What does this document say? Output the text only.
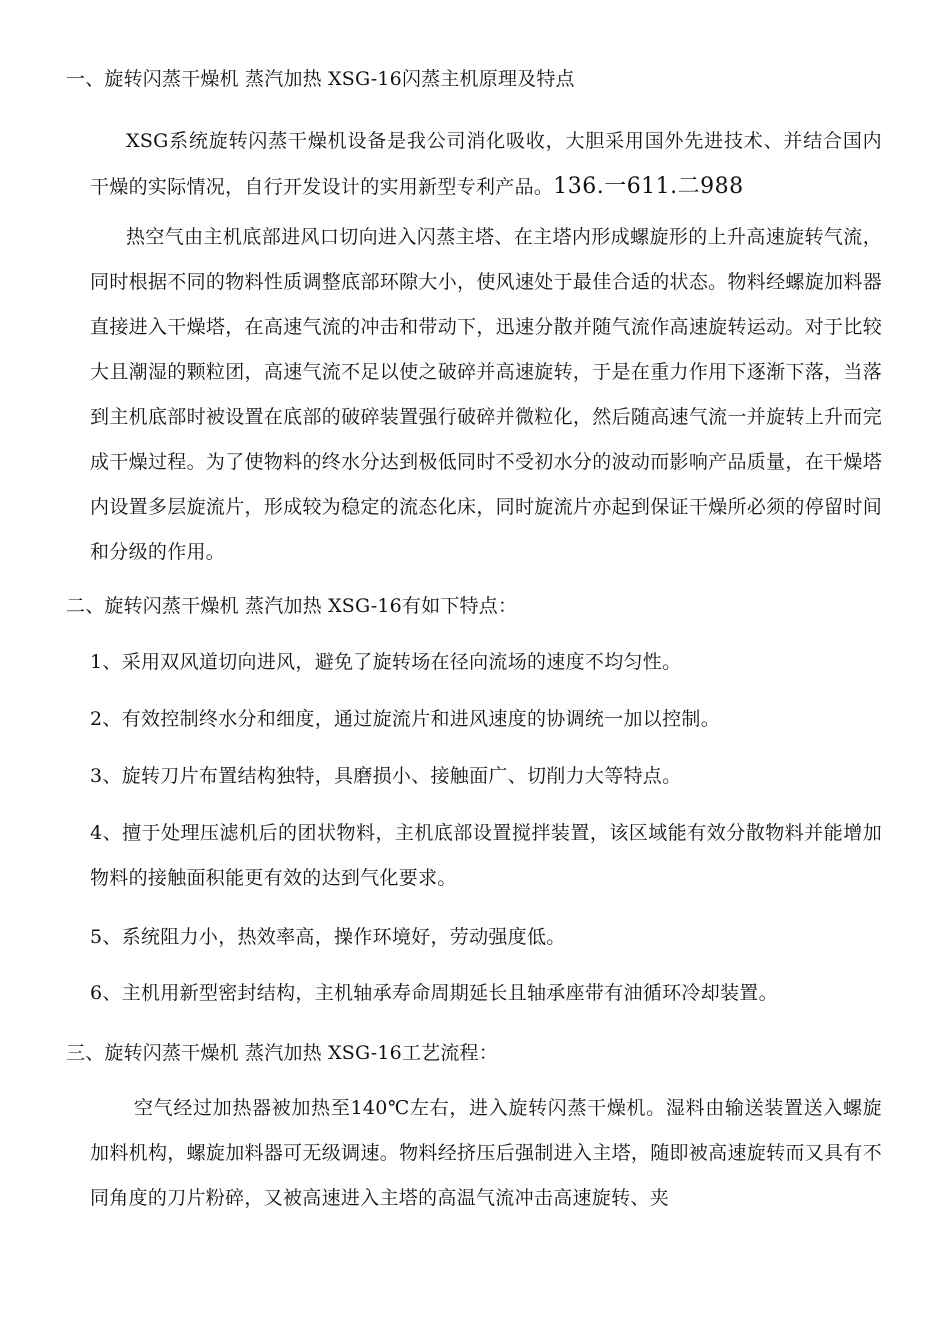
一、旋转闪蒸干燥机 蒸汽加热 XSG-16闪蒸主机原理及特点

XSG系统旋转闪蒸干燥机设备是我公司消化吸收，大胆采用国外先进技术、并结合国内干燥的实际情况，自行开发设计的实用新型专利产品。136.一611.二988

热空气由主机底部进风口切向进入闪蒸主塔、在主塔内形成螺旋形的上升高速旋转气流，同时根据不同的物料性质调整底部环隙大小，使风速处于最佳合适的状态。物料经螺旋加料器直接进入干燥塔，在高速气流的冲击和带动下，迅速分散并随气流作高速旋转运动。对于比较大且潮湿的颗粒团，高速气流不足以使之破碎并高速旋转，于是在重力作用下逐渐下落，当落到主机底部时被设置在底部的破碎装置强行破碎并微粒化，然后随高速气流一并旋转上升而完成干燥过程。为了使物料的终水分达到极低同时不受初水分的波动而影响产品质量，在干燥塔内设置多层旋流片，形成较为稳定的流态化床，同时旋流片亦起到保证干燥所必须的停留时间和分级的作用。

二、旋转闪蒸干燥机 蒸汽加热 XSG-16有如下特点：

1、采用双风道切向进风，避免了旋转场在径向流场的速度不均匀性。

2、有效控制终水分和细度，通过旋流片和进风速度的协调统一加以控制。

3、旋转刀片布置结构独特，具磨损小、接触面广、切削力大等特点。

4、擅于处理压滤机后的团状物料，主机底部设置搅拌装置，该区域能有效分散物料并能增加物料的接触面积能更有效的达到气化要求。

5、系统阻力小，热效率高，操作环境好，劳动强度低。

6、主机用新型密封结构，主机轴承寿命周期延长且轴承座带有油循环冷却装置。

三、旋转闪蒸干燥机 蒸汽加热 XSG-16工艺流程：

空气经过加热器被加热至140℃左右，进入旋转闪蒸干燥机。湿料由输送装置送入螺旋加料机构，螺旋加料器可无级调速。物料经挤压后强制进入主塔，随即被高速旋转而又具有不同角度的刀片粉碎，又被高速进入主塔的高温气流冲击高速旋转、夹
